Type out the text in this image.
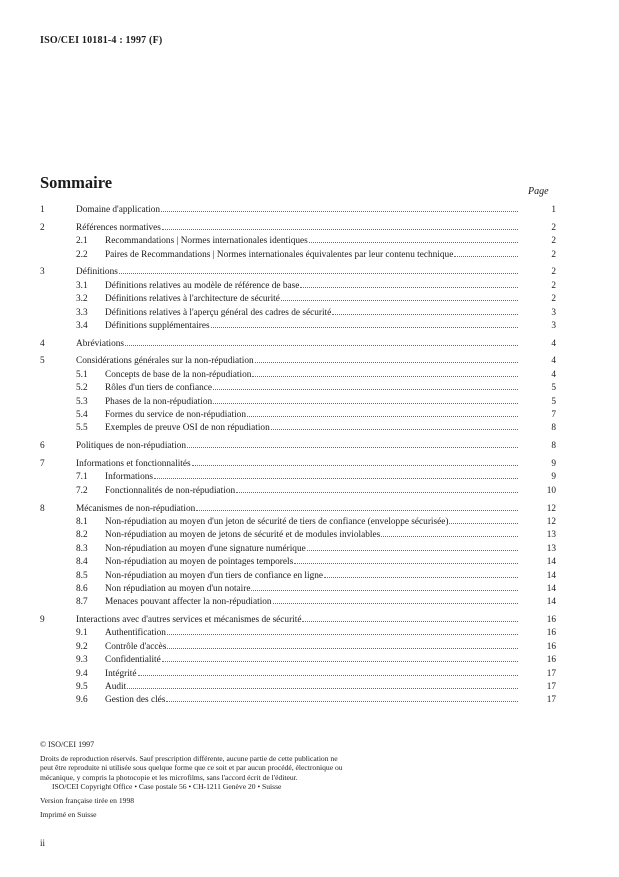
ISO/CEI 10181-4 : 1997 (F)
Sommaire	Page
1	Domaine d'application	1
2	Références normatives	2
2.1	Recommandations | Normes internationales identiques	2
2.2	Paires de Recommandations | Normes internationales équivalentes par leur contenu technique	2
3	Définitions	2
3.1	Définitions relatives au modèle de référence de base	2
3.2	Définitions relatives à l'architecture de sécurité	2
3.3	Définitions relatives à l'aperçu général des cadres de sécurité	3
3.4	Définitions supplémentaires	3
4	Abréviations	4
5	Considérations générales sur la non-répudiation	4
5.1	Concepts de base de la non-répudiation	4
5.2	Rôles d'un tiers de confiance	5
5.3	Phases de la non-répudiation	5
5.4	Formes du service de non-répudiation	7
5.5	Exemples de preuve OSI de non répudiation	8
6	Politiques de non-répudiation	8
7	Informations et fonctionnalités	9
7.1	Informations	9
7.2	Fonctionnalités de non-répudiation	10
8	Mécanismes de non-répudiation	12
8.1	Non-répudiation au moyen d'un jeton de sécurité de tiers de confiance (enveloppe sécurisée)	12
8.2	Non-répudiation au moyen de jetons de sécurité et de modules inviolables	13
8.3	Non-répudiation au moyen d'une signature numérique	13
8.4	Non-répudiation au moyen de pointages temporels	14
8.5	Non-répudiation au moyen d'un tiers de confiance en ligne	14
8.6	Non répudiation au moyen d'un notaire	14
8.7	Menaces pouvant affecter la non-répudiation	14
9	Interactions avec d'autres services et mécanismes de sécurité	16
9.1	Authentification	16
9.2	Contrôle d'accès	16
9.3	Confidentialité	16
9.4	Intégrité	17
9.5	Audit	17
9.6	Gestion des clés	17

© ISO/CEI 1997

Droits de reproduction réservés. Sauf prescription différente, aucune partie de cette publication ne

peut être reproduite ni utilisée sous quelque forme que ce soit et par aucun procédé, électronique ou

mécanique, y compris la photocopie et les microfilms, sans l'accord écrit de l'éditeur.

ISO/CEI Copyright Office • Case postale 56 • CH-1211 Genève 20 • Suisse

Version française tirée en 1998

Imprimé en Suisse

ii
